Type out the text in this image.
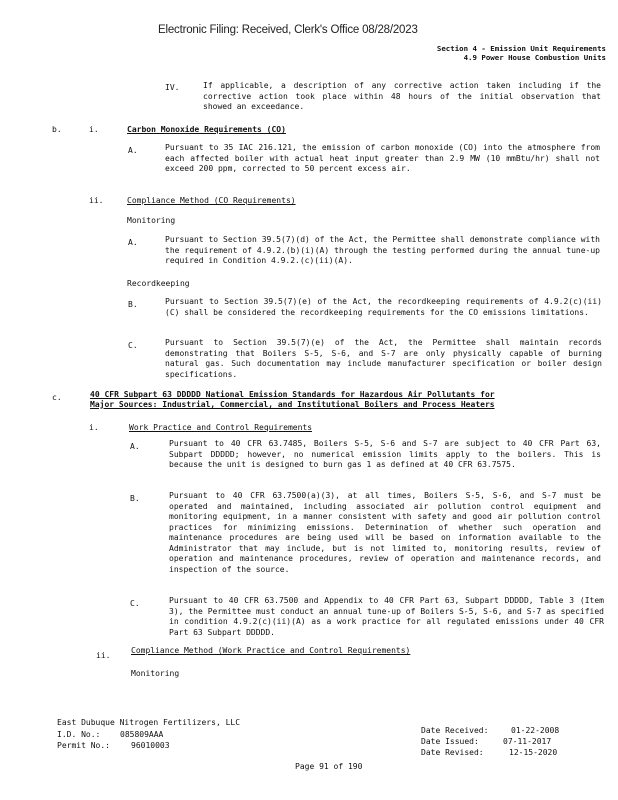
Electronic Filing: Received, Clerk's Office 08/28/2023
Section 4 - Emission Unit Requirements
4.9 Power House Combustion Units
IV.	If applicable, a description of any corrective action taken including if the corrective action took place within 48 hours of the initial observation that showed an exceedance.
b.	i.	Carbon Monoxide Requirements (CO)
A.	Pursuant to 35 IAC 216.121, the emission of carbon monoxide (CO) into the atmosphere from each affected boiler with actual heat input greater than 2.9 MW (10 mmBtu/hr) shall not exceed 200 ppm, corrected to 50 percent excess air.
ii.	Compliance Method (CO Requirements)
Monitoring
A.	Pursuant to Section 39.5(7)(d) of the Act, the Permittee shall demonstrate compliance with the requirement of 4.9.2.(b)(i)(A) through the testing performed during the annual tune-up required in Condition 4.9.2.(c)(ii)(A).
Recordkeeping
B.	Pursuant to Section 39.5(7)(e) of the Act, the recordkeeping requirements of 4.9.2(c)(ii)(C) shall be considered the recordkeeping requirements for the CO emissions limitations.
C.	Pursuant to Section 39.5(7)(e) of the Act, the Permittee shall maintain records demonstrating that Boilers S-5, S-6, and S-7 are only physically capable of burning natural gas. Such documentation may include manufacturer specification or boiler design specifications.
c.	40 CFR Subpart 63 DDDDD National Emission Standards for Hazardous Air Pollutants for
Major Sources: Industrial, Commercial, and Institutional Boilers and Process Heaters
i.	Work Practice and Control Requirements
A.	Pursuant to 40 CFR 63.7485, Boilers S-5, S-6 and S-7 are subject to 40 CFR Part 63, Subpart DDDDD; however, no numerical emission limits apply to the boilers. This is because the unit is designed to burn gas 1 as defined at 40 CFR 63.7575.
B.	Pursuant to 40 CFR 63.7500(a)(3), at all times, Boilers S-5, S-6, and S-7 must be operated and maintained, including associated air pollution control equipment and monitoring equipment, in a manner consistent with safety and good air pollution control practices for minimizing emissions. Determination of whether such operation and maintenance procedures are being used will be based on information available to the Administrator that may include, but is not limited to, monitoring results, review of operation and maintenance procedures, review of operation and maintenance records, and inspection of the source.
C.	Pursuant to 40 CFR 63.7500 and Appendix to 40 CFR Part 63, Subpart DDDDD, Table 3 (Item 3), the Permittee must conduct an annual tune-up of Boilers S-5, S-6, and S-7 as specified in condition 4.9.2(c)(ii)(A) as a work practice for all regulated emissions under 40 CFR Part 63 Subpart DDDDD.
ii.
Compliance Method (Work Practice and Control Requirements)
Monitoring
East Dubuque Nitrogen Fertilizers, LLC
I.D. No.: 085809AAA
Permit No.:	96010003
Date Received:	01-22-2008
Date Issued:	07-11-2017
Date Revised:	12-15-2020
Page 91 of 190
